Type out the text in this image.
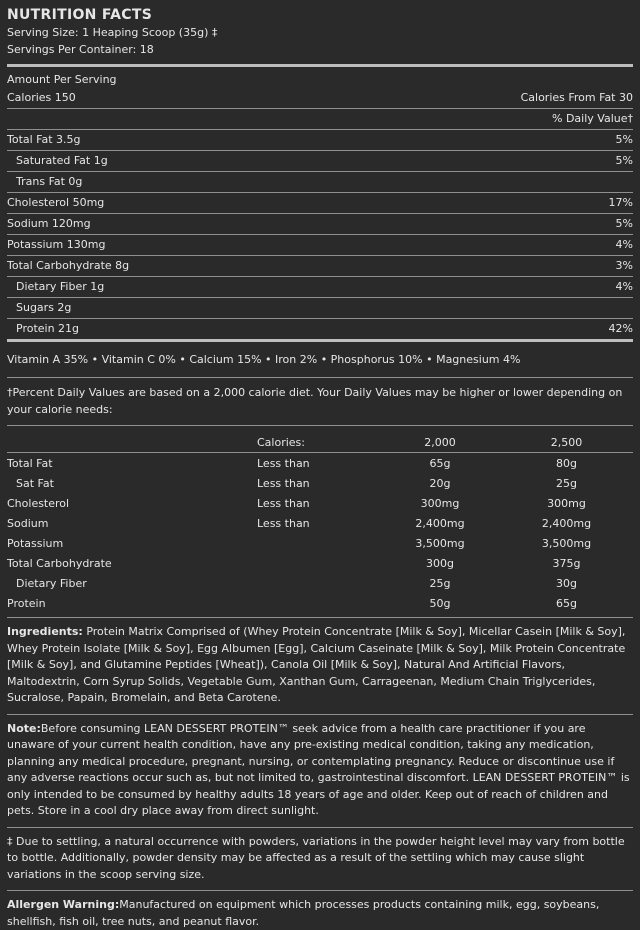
NUTRITION FACTS
Serving Size: 1 Heaping Scoop (35g) ‡
Servings Per Container: 18
Amount Per Serving
Calories 150	Calories From Fat 30
% Daily Value†
Total Fat 3.5g	5%
Saturated Fat 1g	5%
Trans Fat 0g
Cholesterol 50mg	17%
Sodium 120mg	5%
Potassium 130mg	4%
Total Carbohydrate 8g	3%
Dietary Fiber 1g	4%
Sugars 2g
Protein 21g	42%
Vitamin A 35% • Vitamin C 0% • Calcium 15% • Iron 2% • Phosphorus 10% • Magnesium 4%
†Percent Daily Values are based on a 2,000 calorie diet. Your Daily Values may be higher or lower depending on your calorie needs:
	Calories:	2,000	2,500
Total Fat	Less than	65g	80g
Sat Fat	Less than	20g	25g
Cholesterol	Less than	300mg	300mg
Sodium	Less than	2,400mg	2,400mg
Potassium		3,500mg	3,500mg
Total Carbohydrate		300g	375g
Dietary Fiber		25g	30g
Protein		50g	65g
Ingredients: Protein Matrix Comprised of (Whey Protein Concentrate [Milk & Soy], Micellar Casein [Milk & Soy], Whey Protein Isolate [Milk & Soy], Egg Albumen [Egg], Calcium Caseinate [Milk & Soy], Milk Protein Concentrate [Milk & Soy], and Glutamine Peptides [Wheat]), Canola Oil [Milk & Soy], Natural And Artificial Flavors, Maltodextrin, Corn Syrup Solids, Vegetable Gum, Xanthan Gum, Carrageenan, Medium Chain Triglycerides, Sucralose, Papain, Bromelain, and Beta Carotene.
Note:Before consuming LEAN DESSERT PROTEIN™ seek advice from a health care practitioner if you are unaware of your current health condition, have any pre-existing medical condition, taking any medication, planning any medical procedure, pregnant, nursing, or contemplating pregnancy. Reduce or discontinue use if any adverse reactions occur such as, but not limited to, gastrointestinal discomfort. LEAN DESSERT PROTEIN™ is only intended to be consumed by healthy adults 18 years of age and older. Keep out of reach of children and pets. Store in a cool dry place away from direct sunlight.
‡ Due to settling, a natural occurrence with powders, variations in the powder height level may vary from bottle to bottle. Additionally, powder density may be affected as a result of the settling which may cause slight variations in the scoop serving size.
Allergen Warning:Manufactured on equipment which processes products containing milk, egg, soybeans, shellfish, fish oil, tree nuts, and peanut flavor.
